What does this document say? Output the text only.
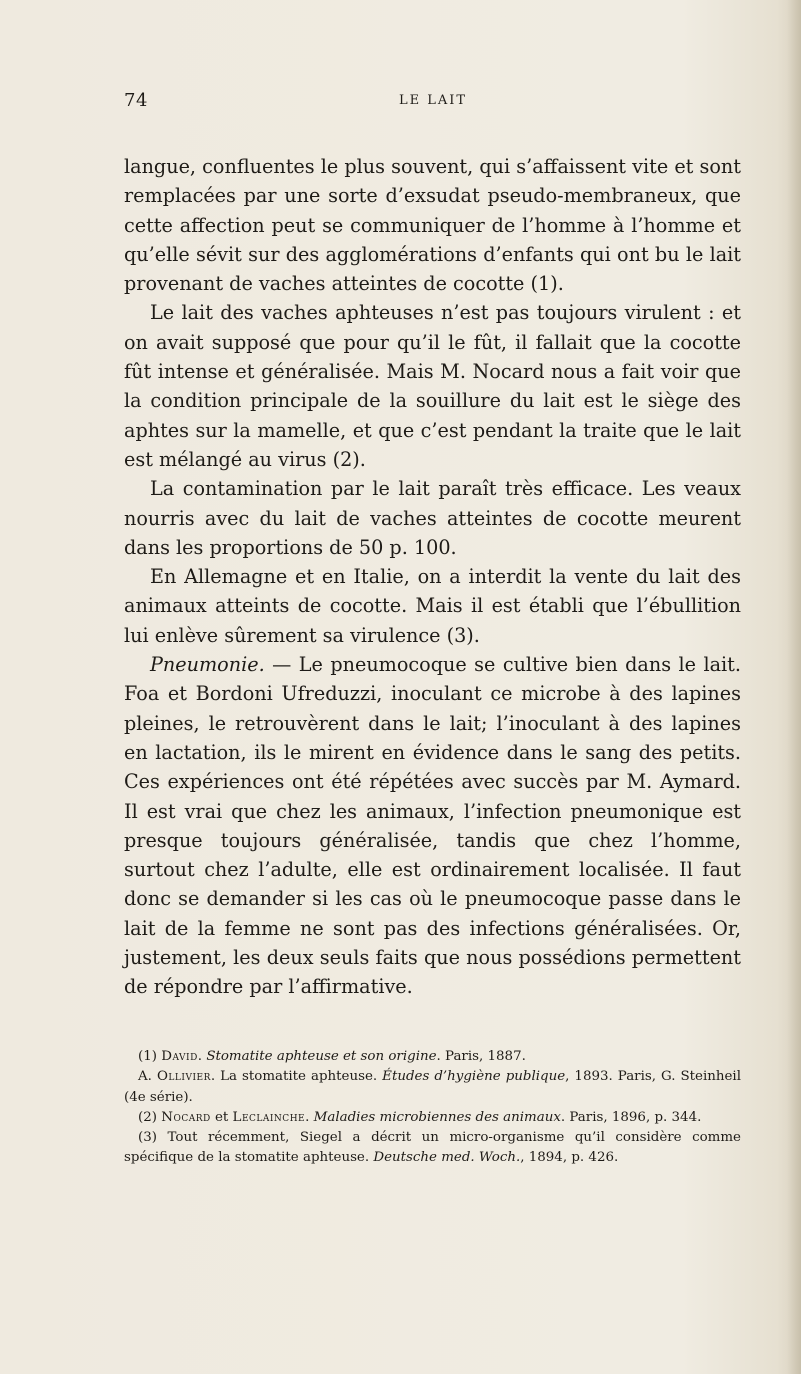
74	LE LAIT

langue, confluentes le plus souvent, qui s’affaissent vite et sont remplacées par une sorte d’exsudat pseudo-membraneux, que cette affection peut se communiquer de l’homme à l’homme et qu’elle sévit sur des agglomérations d’enfants qui ont bu le lait provenant de vaches atteintes de cocotte (1).

Le lait des vaches aphteuses n’est pas toujours virulent : et on avait supposé que pour qu’il le fût, il fallait que la cocotte fût intense et généralisée. Mais M. Nocard nous a fait voir que la condition principale de la souillure du lait est le siège des aphtes sur la mamelle, et que c’est pendant la traite que le lait est mélangé au virus (2).

La contamination par le lait paraît très efficace. Les veaux nourris avec du lait de vaches atteintes de cocotte meurent dans les proportions de 50 p. 100.

En Allemagne et en Italie, on a interdit la vente du lait des animaux atteints de cocotte. Mais il est établi que l’ébullition lui enlève sûrement sa virulence (3).

Pneumonie. — Le pneumocoque se cultive bien dans le lait. Foa et Bordoni Ufreduzzi, inoculant ce microbe à des lapines pleines, le retrouvèrent dans le lait; l’inoculant à des lapines en lactation, ils le mirent en évidence dans le sang des petits. Ces expériences ont été répétées avec succès par M. Aymard. Il est vrai que chez les animaux, l’infection pneumonique est presque toujours généralisée, tandis que chez l’homme, surtout chez l’adulte, elle est ordinairement localisée. Il faut donc se demander si les cas où le pneumocoque passe dans le lait de la femme ne sont pas des infections généralisées. Or, justement, les deux seuls faits que nous possédions permettent de répondre par l’affirmative.

(1) David. Stomatite aphteuse et son origine. Paris, 1887.

A. Ollivier. La stomatite aphteuse. Études d’hygiène publique, 1893. Paris, G. Steinheil (4e série).

(2) Nocard et Leclainche. Maladies microbiennes des animaux. Paris, 1896, p. 344.

(3) Tout récemment, Siegel a décrit un micro-organisme qu’il considère comme spécifique de la stomatite aphteuse. Deutsche med. Woch., 1894, p. 426.
